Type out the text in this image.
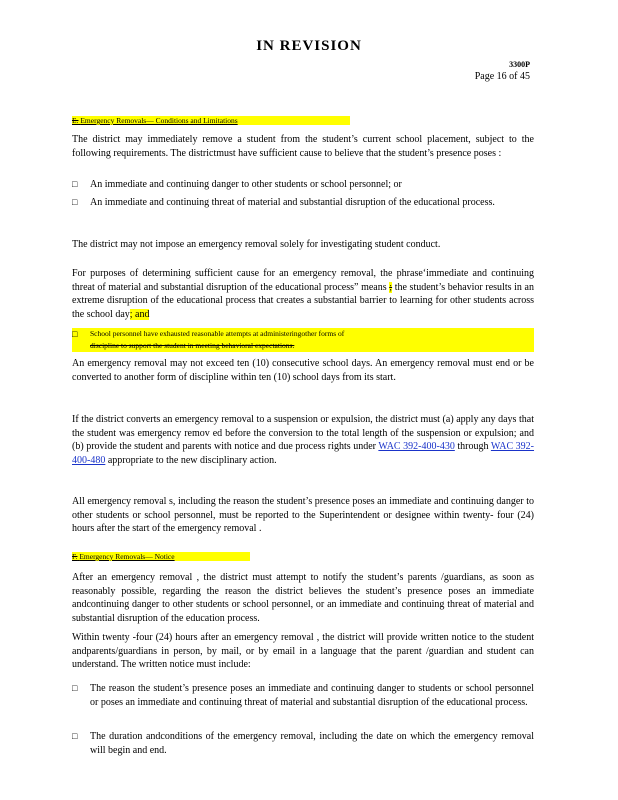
IN REVISION
3300P
Page 16 of 45
E. Emergency Removals— Conditions and Limitations
The district may immediately remove a student from the student’s current school placement, subject to the following requirements. The districtmust have sufficient cause to believe that the student’s presence poses :
□ An immediate and continuing danger to other students or school personnel; or
□ An immediate and continuing threat of material and substantial disruption of the educational process.
The district may not impose an emergency removal solely for investigating student conduct.
For purposes of determining sufficient cause for an emergency removal, the phrase‘immediate and continuing threat of material and substantial disruption of the educational process” means ; the student’s behavior results in an extreme disruption of the educational process that creates a substantial barrier to learning for other students across the school day; and
□ School personnel have exhausted reasonable attempts at administeringother forms of
discipline to support the student in meeting behavioral expectations.
An emergency removal may not exceed ten (10) consecutive school days. An emergency removal must end or be converted to another form of discipline within ten (10) school days from its start.
If the district converts an emergency removal to a suspension or expulsion, the district must (a) apply any days that the student was emergency remov ed before the conversion to the total length of the suspension or expulsion; and (b) provide the student and parents with notice and due process rights under WAC 392-400-430 through WAC 392-400-480 appropriate to the new disciplinary action.
All emergency removal s, including the reason the student’s presence poses an immediate and continuing danger to other students or school personnel, must be reported to the Superintendent or designee within twenty- four (24) hours after the start of the emergency removal .
F. Emergency Removals— Notice
After an emergency removal , the district must attempt to notify the student’s parents /guardians, as soon as reasonably possible, regarding the reason the district believes the student’s presence poses an immediate andcontinuing danger to other students or school personnel, or an immediate and continuing threat of material and substantial disruption of the education process.
Within twenty -four (24) hours after an emergency removal , the district will provide written notice to the student andparents/guardians in person, by mail, or by email in a language that the parent /guardian and student can understand. The written notice must include:
□ The reason the student’s presence poses an immediate and continuing danger to students or school personnel or poses an immediate and continuing threat of material and substantial disruption of the educational process.
□ The duration andconditions of the emergency removal, including the date on which the emergency removal will begin and end.
